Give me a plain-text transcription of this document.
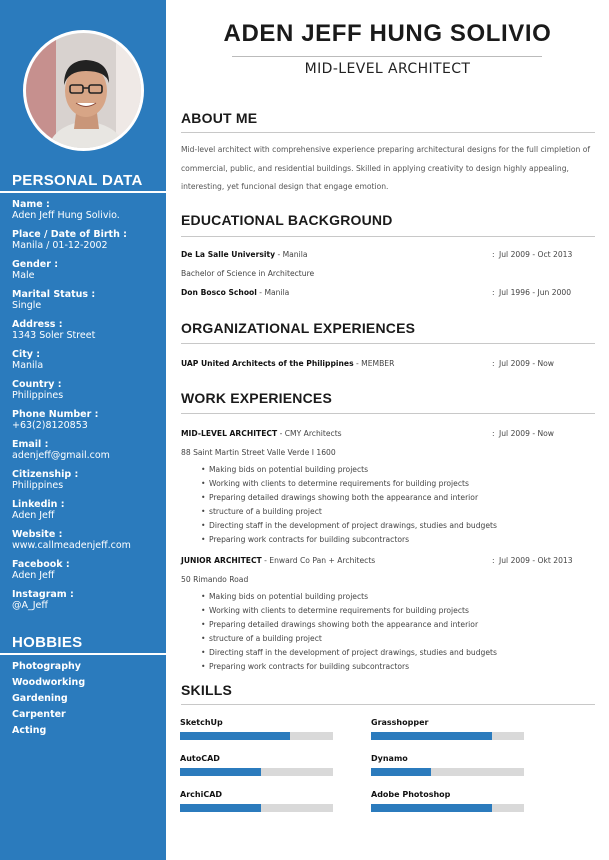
PERSONAL DATA
Name :
Aden Jeff Hung Solivio.
Place / Date of Birth :
Manila / 01-12-2002
Gender :
Male
Marital Status :
Single
Address :
1343 Soler Street
City :
Manila
Country :
Philippines
Phone Number :
+63(2)8120853
Email :
adenjeff@gmail.com
Citizenship :
Philippines
Linkedin :
Aden Jeff
Website :
www.callmeadenjeff.com
Facebook :
Aden Jeff
Instagram :
@A_Jeff
HOBBIES
Photography
Woodworking
Gardening
Carpenter
Acting
ADEN JEFF HUNG SOLIVIO
MID-LEVEL ARCHITECT
ABOUT ME
Mid-level architect with comprehensive experience preparing architectural designs for the full cimpletion of commercial, public, and residential buildings. Skilled in applying creativity to design highly appealing, interesting, yet funcional design that engage emotion.
EDUCATIONAL BACKGROUND
De La Salle University - Manila	: Jul 2009 - Oct 2013
Bachelor of Science in Architecture
Don Bosco School - Manila	: Jul 1996 - Jun 2000
ORGANIZATIONAL EXPERIENCES
UAP United Architects of the Philippines - MEMBER	: Jul 2009 - Now
WORK EXPERIENCES
MID-LEVEL ARCHITECT - CMY Architects	: Jul 2009 - Now
88 Saint Martin Street Valle Verde I 1600
• Making bids on potential building projects
• Working with clients to determine requirements for building projects
• Preparing detailed drawings showing both the appearance and interior
• structure of a building project
• Directing staff in the development of project drawings, studies and budgets
• Preparing work contracts for building subcontractors
JUNIOR ARCHITECT - Enward Co Pan + Architects	: Jul 2009 - Okt 2013
50 Rimando Road
• Making bids on potential building projects
• Working with clients to determine requirements for building projects
• Preparing detailed drawings showing both the appearance and interior
• structure of a building project
• Directing staff in the development of project drawings, studies and budgets
• Preparing work contracts for building subcontractors
SKILLS
SketchUp	Grasshopper
AutoCAD	Dynamo
ArchiCAD	Adobe Photoshop
